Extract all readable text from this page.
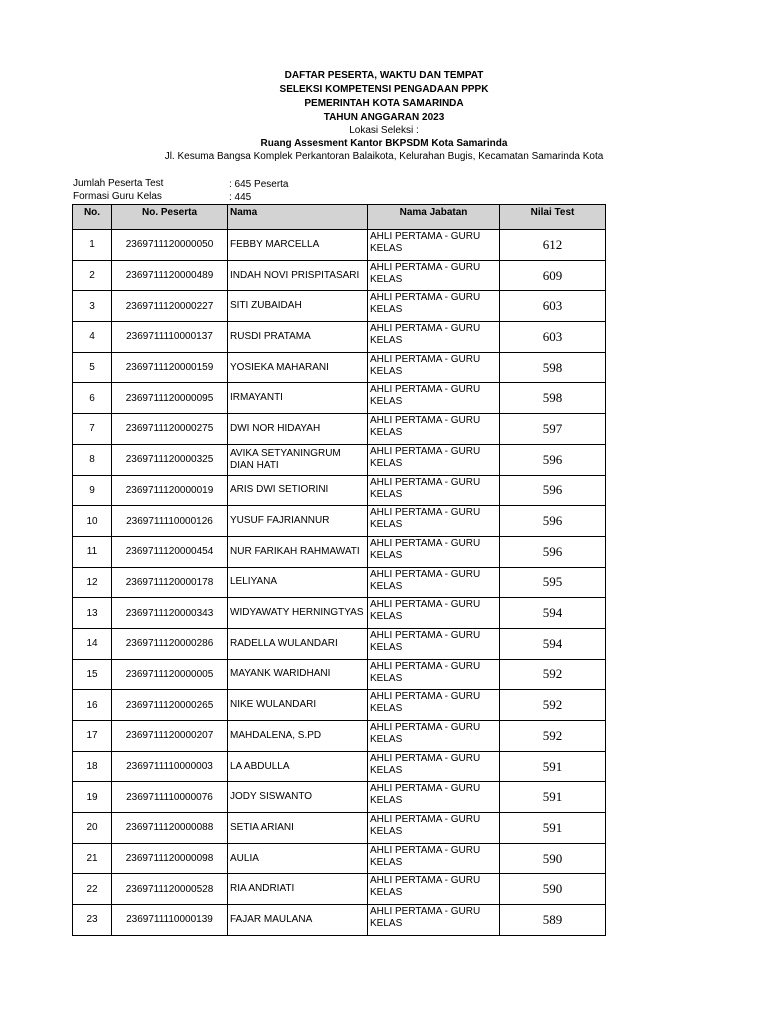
DAFTAR PESERTA, WAKTU DAN TEMPAT
SELEKSI KOMPETENSI PENGADAAN PPPK
PEMERINTAH KOTA SAMARINDA
TAHUN ANGGARAN 2023
Lokasi Seleksi :
Ruang Assesment Kantor BKPSDM Kota Samarinda
Jl. Kesuma Bangsa Komplek Perkantoran Balaikota, Kelurahan Bugis, Kecamatan Samarinda Kota
Jumlah Peserta Test	: 645 Peserta
Formasi Guru Kelas	: 445
No.	No. Peserta	Nama	Nama Jabatan	Nilai Test
1	2369711120000050	FEBBY MARCELLA	AHLI PERTAMA - GURU KELAS	612
2	2369711120000489	INDAH NOVI PRISPITASARI	AHLI PERTAMA - GURU KELAS	609
3	2369711120000227	SITI ZUBAIDAH	AHLI PERTAMA - GURU KELAS	603
4	2369711110000137	RUSDI PRATAMA	AHLI PERTAMA - GURU KELAS	603
5	2369711120000159	YOSIEKA MAHARANI	AHLI PERTAMA - GURU KELAS	598
6	2369711120000095	IRMAYANTI	AHLI PERTAMA - GURU KELAS	598
7	2369711120000275	DWI NOR HIDAYAH	AHLI PERTAMA - GURU KELAS	597
8	2369711120000325	AVIKA SETYANINGRUM DIAN HATI	AHLI PERTAMA - GURU KELAS	596
9	2369711120000019	ARIS DWI SETIORINI	AHLI PERTAMA - GURU KELAS	596
10	2369711110000126	YUSUF FAJRIANNUR	AHLI PERTAMA - GURU KELAS	596
11	2369711120000454	NUR FARIKAH RAHMAWATI	AHLI PERTAMA - GURU KELAS	596
12	2369711120000178	LELIYANA	AHLI PERTAMA - GURU KELAS	595
13	2369711120000343	WIDYAWATY HERNINGTYAS	AHLI PERTAMA - GURU KELAS	594
14	2369711120000286	RADELLA WULANDARI	AHLI PERTAMA - GURU KELAS	594
15	2369711120000005	MAYANK WARIDHANI	AHLI PERTAMA - GURU KELAS	592
16	2369711120000265	NIKE WULANDARI	AHLI PERTAMA - GURU KELAS	592
17	2369711120000207	MAHDALENA, S.PD	AHLI PERTAMA - GURU KELAS	592
18	2369711110000003	LA ABDULLA	AHLI PERTAMA - GURU KELAS	591
19	2369711110000076	JODY SISWANTO	AHLI PERTAMA - GURU KELAS	591
20	2369711120000088	SETIA ARIANI	AHLI PERTAMA - GURU KELAS	591
21	2369711120000098	AULIA	AHLI PERTAMA - GURU KELAS	590
22	2369711120000528	RIA ANDRIATI	AHLI PERTAMA - GURU KELAS	590
23	2369711110000139	FAJAR MAULANA	AHLI PERTAMA - GURU KELAS	589
